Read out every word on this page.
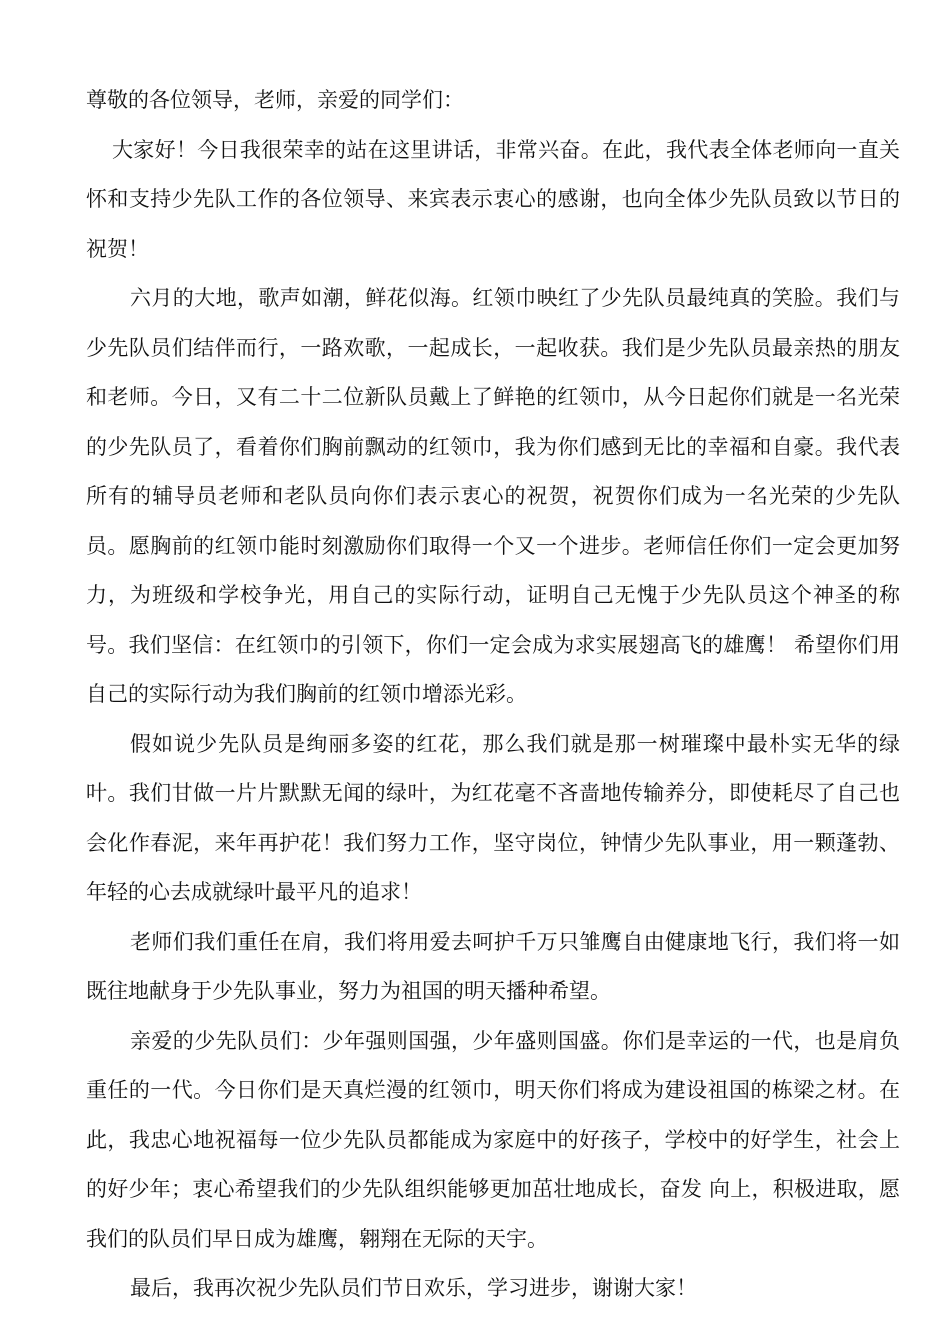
尊敬的各位领导，老师，亲爱的同学们：

大家好！今日我很荣幸的站在这里讲话，非常兴奋。在此，我代表全体老师向一直关怀和支持少先队工作的各位领导、来宾表示衷心的感谢，也向全体少先队员致以节日的祝贺！

六月的大地，歌声如潮，鲜花似海。红领巾映红了少先队员最纯真的笑脸。我们与少先队员们结伴而行，一路欢歌，一起成长，一起收获。我们是少先队员最亲热的朋友和老师。今日，又有二十二位新队员戴上了鲜艳的红领巾，从今日起你们就是一名光荣的少先队员了，看着你们胸前飘动的红领巾，我为你们感到无比的幸福和自豪。我代表所有的辅导员老师和老队员向你们表示衷心的祝贺，祝贺你们成为一名光荣的少先队员。愿胸前的红领巾能时刻激励你们取得一个又一个进步。老师信任你们一定会更加努力，为班级和学校争光，用自己的实际行动，证明自己无愧于少先队员这个神圣的称号。我们坚信：在红领巾的引领下，你们一定会成为求实展翅高飞的雄鹰！ 希望你们用自己的实际行动为我们胸前的红领巾增添光彩。

假如说少先队员是绚丽多姿的红花，那么我们就是那一树璀璨中最朴实无华的绿叶。我们甘做一片片默默无闻的绿叶，为红花毫不吝啬地传输养分，即使耗尽了自己也会化作春泥，来年再护花！我们努力工作，坚守岗位，钟情少先队事业，用一颗蓬勃、年轻的心去成就绿叶最平凡的追求！

老师们我们重任在肩，我们将用爱去呵护千万只雏鹰自由健康地飞行，我们将一如既往地献身于少先队事业，努力为祖国的明天播种希望。

亲爱的少先队员们：少年强则国强，少年盛则国盛。你们是幸运的一代，也是肩负重任的一代。今日你们是天真烂漫的红领巾，明天你们将成为建设祖国的栋梁之材。在此，我忠心地祝福每一位少先队员都能成为家庭中的好孩子，学校中的好学生，社会上的好少年；衷心希望我们的少先队组织能够更加茁壮地成长，奋发 向上，积极进取，愿我们的队员们早日成为雄鹰，翱翔在无际的天宇。

最后，我再次祝少先队员们节日欢乐，学习进步，谢谢大家！
